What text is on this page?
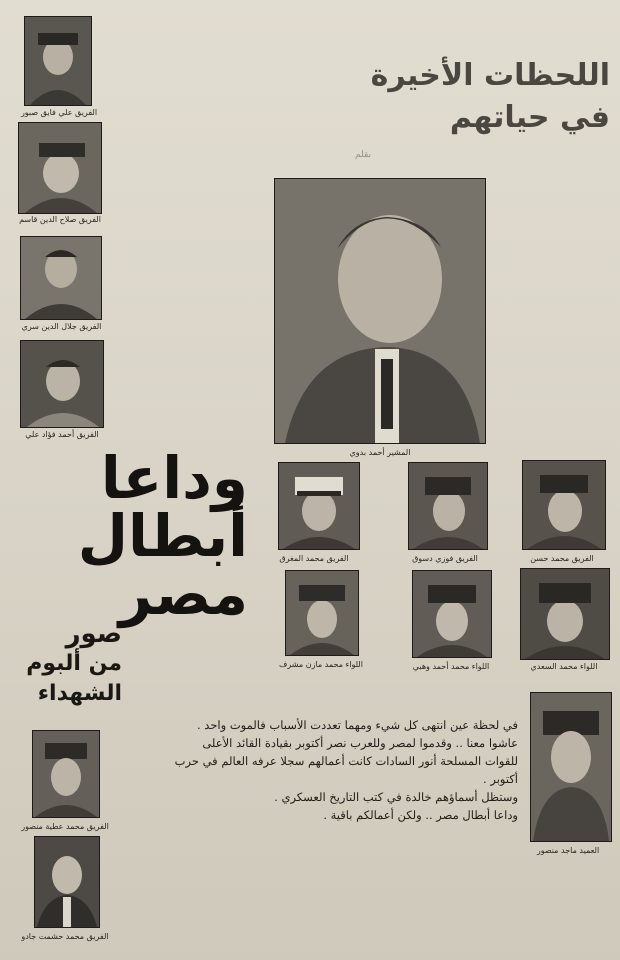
اللحظات الأخيرة
في حياتهم
بقلم
الفريق علي فايق صبور
الفريق صلاح الدين قاسم
الفريق جلال الدين سري
الفريق أحمد فؤاد علي
المشير أحمد بدوي
وداعا
أبطال
مصر
صور
من ألبوم
الشهداء
الفريق محمد المغرق	الفريق فوزي دسوق	الفريق محمد حسن
اللواء محمد مازن مشرف	اللواء محمد أحمد وهبي	اللواء محمد السعدي
العميد ماجد منصور

في لحظة عين انتهى كل شيء ومهما تعددت الأسباب فالموت واحد .

عاشوا معنا .. وقدموا لمصر وللعرب نصر أكتوبر بقيادة القائد الأعلى للقوات المسلحة أنور السادات كانت أعمالهم سجلا عرفه العالم في حرب أكتوبر .

وستظل أسماؤهم خالدة في كتب التاريخ العسكري .

وداعا أبطال مصر .. ولكن أعمالكم باقية .

الفريق محمد عطية منصور
الفريق محمد حشمت جادو
